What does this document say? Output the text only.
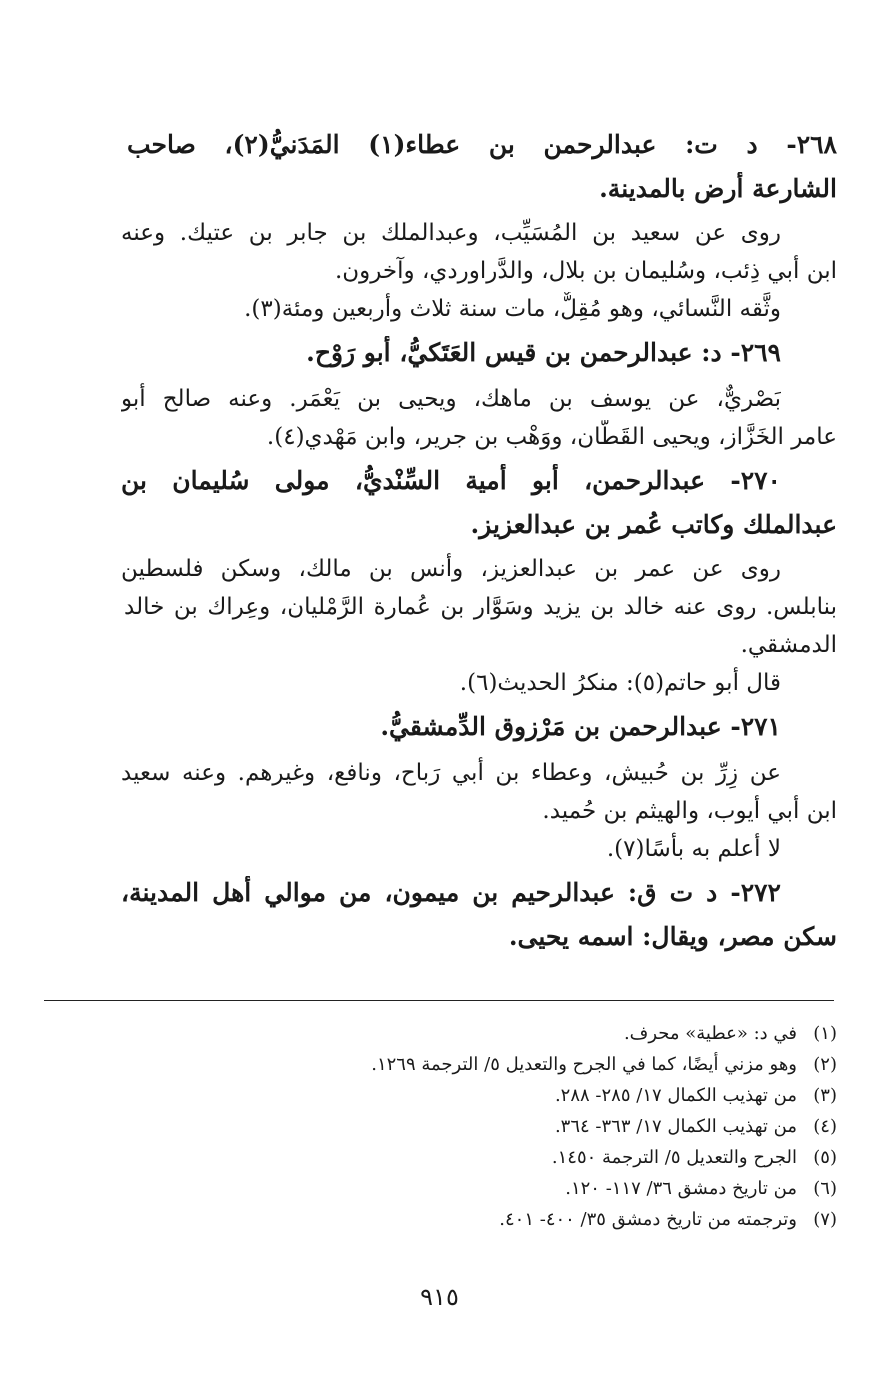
٢٦٨- د ت: عبدالرحمن بن عطاء(١) المَدَنيُّ(٢)، صاحب
الشارعة أرض بالمدينة.
روى عن سعيد بن المُسَيِّب، وعبدالملك بن جابر بن عتيك. وعنه
ابن أبي ذِئب، وسُليمان بن بلال، والدَّراوردي، وآخرون.
وثَّقه النَّسائي، وهو مُقِلٌّ، مات سنة ثلاث وأربعين ومئة(٣).
٢٦٩- د: عبدالرحمن بن قيس العَتَكيُّ، أبو رَوْح.
بَصْريٌّ، عن يوسف بن ماهك، ويحيى بن يَعْمَر. وعنه صالح أبو
عامر الخَزَّاز، ويحيى القَطَّان، ووَهْب بن جرير، وابن مَهْدي(٤).
٢٧٠- عبدالرحمن، أبو أمية السِّنْديُّ، مولى سُليمان بن
عبدالملك وكاتب عُمر بن عبدالعزيز.
روى عن عمر بن عبدالعزيز، وأنس بن مالك، وسكن فلسطين
بنابلس. روى عنه خالد بن يزيد وسَوَّار بن عُمارة الرَّمْليان، وعِراك بن خالد
الدمشقي.
قال أبو حاتم(٥): منكرُ الحديث(٦).
٢٧١- عبدالرحمن بن مَرْزوق الدِّمشقيُّ.
عن زِرِّ بن حُبيش، وعطاء بن أبي رَباح، ونافع، وغيرهم. وعنه سعيد
ابن أبي أيوب، والهيثم بن حُميد.
لا أعلم به بأسًا(٧).
٢٧٢- د ت ق: عبدالرحيم بن ميمون، من موالي أهل المدينة،
سكن مصر، ويقال: اسمه يحيى.
(١)في د: «عطية» محرف.
(٢)وهو مزني أيضًا، كما في الجرح والتعديل ٥/ الترجمة ١٢٦٩.
(٣)من تهذيب الكمال ١٧/ ٢٨٥- ٢٨٨.
(٤)من تهذيب الكمال ١٧/ ٣٦٣- ٣٦٤.
(٥)الجرح والتعديل ٥/ الترجمة ١٤٥٠.
(٦)من تاريخ دمشق ٣٦/ ١١٧- ١٢٠.
(٧)وترجمته من تاريخ دمشق ٣٥/ ٤٠٠- ٤٠١.
٩١٥
